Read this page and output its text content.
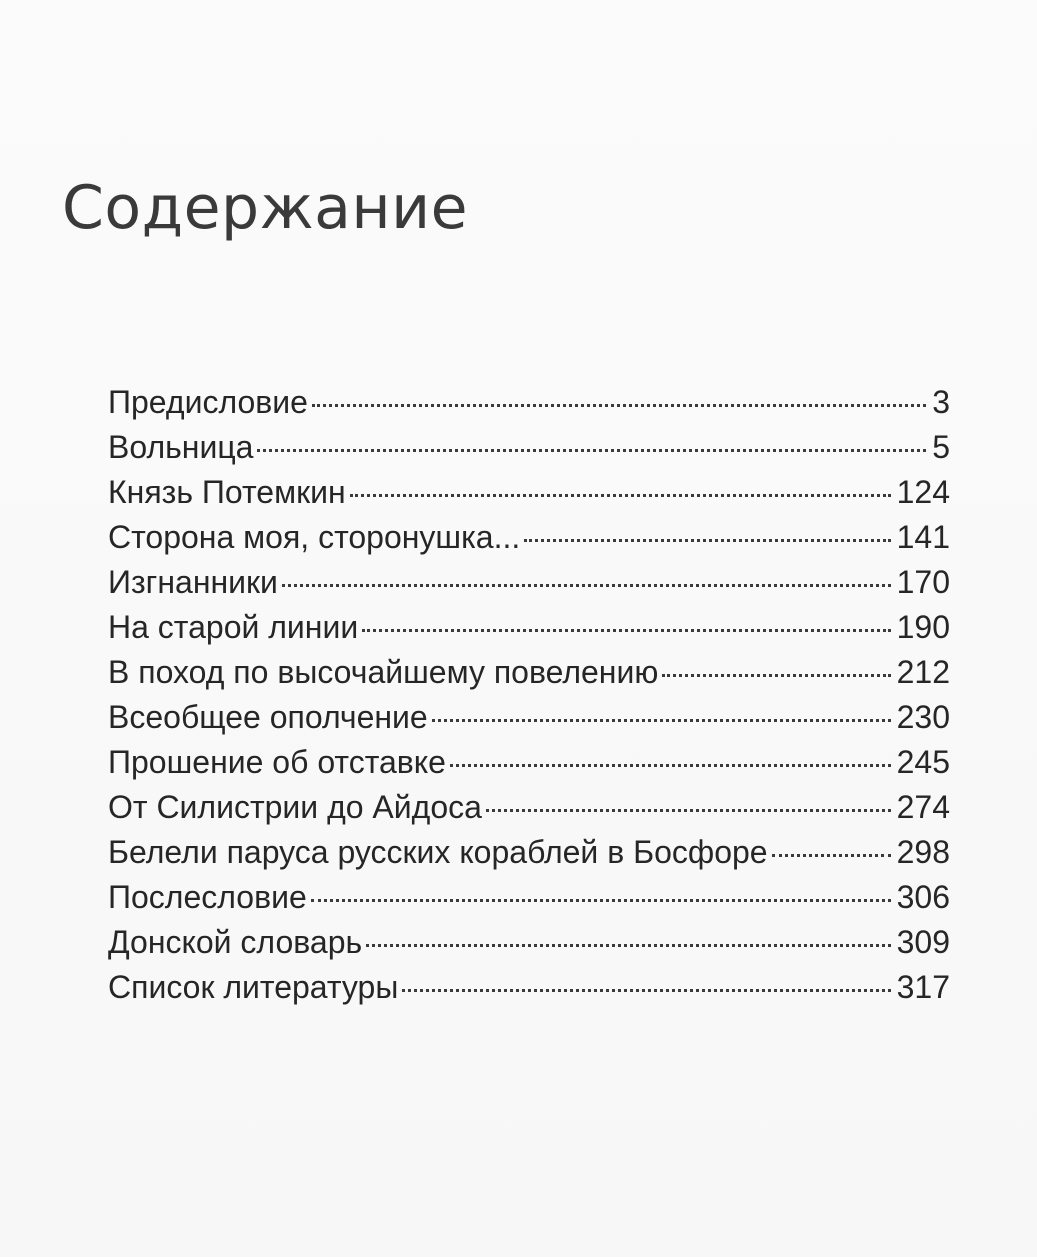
Содержание
Предисловие	3
Вольница	5
Князь Потемкин	124
Сторона моя, сторонушка...	141
Изгнанники	170
На старой линии	190
В поход по высочайшему повелению	212
Всеобщее ополчение	230
Прошение об отставке	245
От Силистрии до Айдоса	274
Белели паруса русских кораблей в Босфоре	298
Послесловие	306
Донской словарь	309
Список литературы	317
